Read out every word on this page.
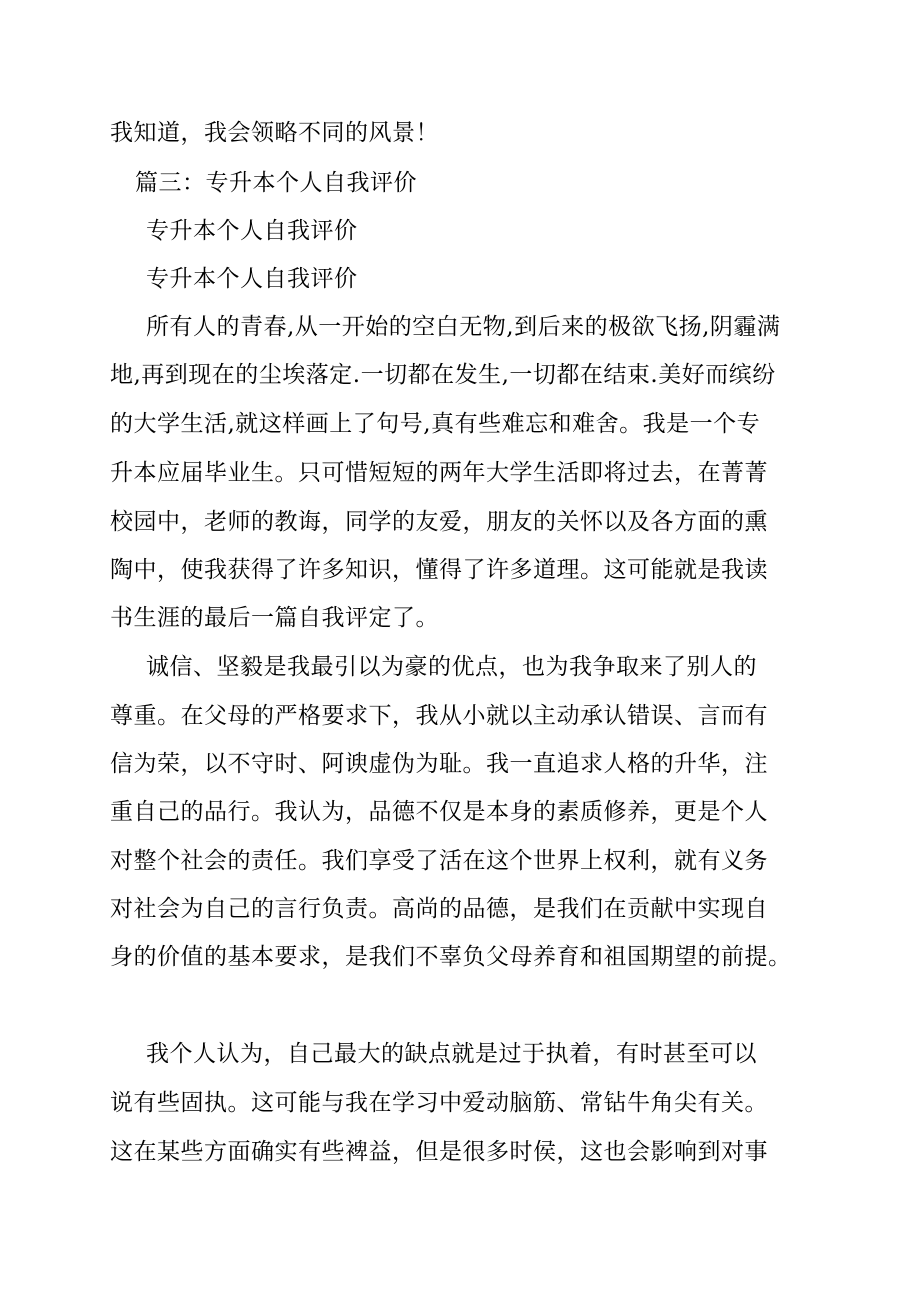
我知道，我会领略不同的风景！
篇三：专升本个人自我评价
专升本个人自我评价
专升本个人自我评价
所有人的青春,从一开始的空白无物,到后来的极欲飞扬,阴霾满
地,再到现在的尘埃落定.一切都在发生,一切都在结束.美好而缤纷
的大学生活,就这样画上了句号,真有些难忘和难舍。我是一个专
升本应届毕业生。只可惜短短的两年大学生活即将过去，在菁菁
校园中，老师的教诲，同学的友爱，朋友的关怀以及各方面的熏
陶中，使我获得了许多知识，懂得了许多道理。这可能就是我读
书生涯的最后一篇自我评定了。
诚信、坚毅是我最引以为豪的优点，也为我争取来了别人的
尊重。在父母的严格要求下，我从小就以主动承认错误、言而有
信为荣，以不守时、阿谀虚伪为耻。我一直追求人格的升华，注
重自己的品行。我认为，品德不仅是本身的素质修养，更是个人
对整个社会的责任。我们享受了活在这个世界上权利，就有义务
对社会为自己的言行负责。高尚的品德，是我们在贡献中实现自
身的价值的基本要求，是我们不辜负父母养育和祖国期望的前提。
我个人认为，自己最大的缺点就是过于执着，有时甚至可以
说有些固执。这可能与我在学习中爱动脑筋、常钻牛角尖有关。
这在某些方面确实有些裨益，但是很多时侯，这也会影响到对事
